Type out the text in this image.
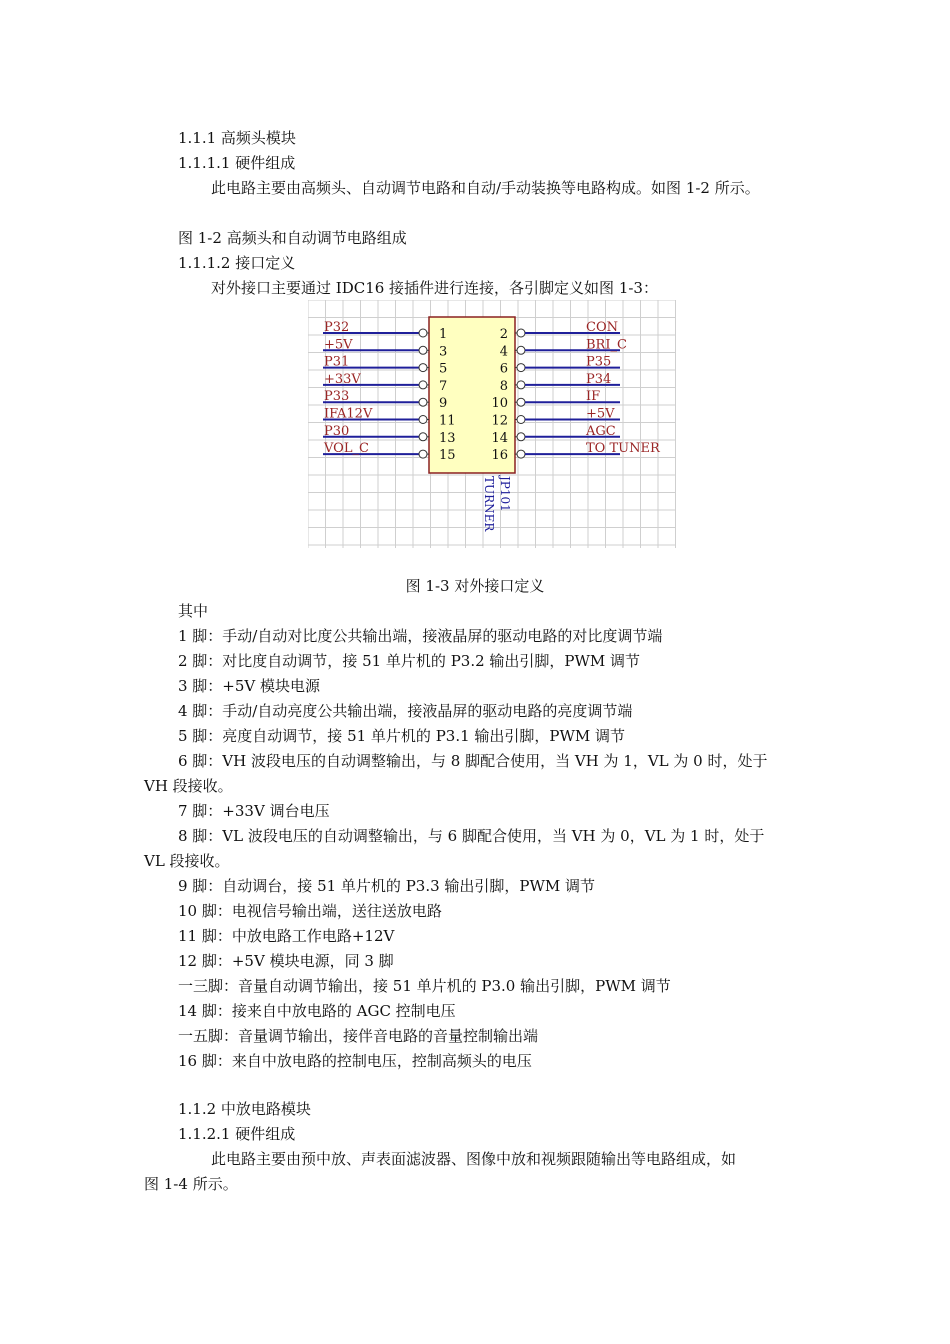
1.1.1 高频头模块
1.1.1.1 硬件组成
此电路主要由高频头、自动调节电路和自动/手动装换等电路构成。如图 1-2 所示。
图 1-2 高频头和自动调节电路组成
1.1.1.2 接口定义
对外接口主要通过 IDC16 接插件进行连接，各引脚定义如图 1-3：
P32	CON
1	2
+5V	BRI_C
3	4
P31	P35
5	6
+33V	P34
7	8
P33	IF
9	10
IFA12V	+5V
11	12
P30	AGC
13	14
VOL_C	TO TUNER
15	16
JP101
TURNER
图 1-3 对外接口定义
其中
1 脚：手动/自动对比度公共输出端，接液晶屏的驱动电路的对比度调节端
2 脚：对比度自动调节，接 51 单片机的 P3.2 输出引脚，PWM 调节
3 脚：+5V 模块电源
4 脚：手动/自动亮度公共输出端，接液晶屏的驱动电路的亮度调节端
5 脚：亮度自动调节，接 51 单片机的 P3.1 输出引脚，PWM 调节
6 脚：VH 波段电压的自动调整输出，与 8 脚配合使用，当 VH 为 1，VL 为 0 时，处于
VH 段接收。
7 脚：+33V 调台电压
8 脚：VL 波段电压的自动调整输出，与 6 脚配合使用，当 VH 为 0，VL 为 1 时，处于
VL 段接收。
9 脚：自动调台，接 51 单片机的 P3.3 输出引脚，PWM 调节
10 脚：电视信号输出端，送往送放电路
11 脚：中放电路工作电路+12V
12 脚：+5V 模块电源，同 3 脚
一三脚：音量自动调节输出，接 51 单片机的 P3.0 输出引脚，PWM 调节
14 脚：接来自中放电路的 AGC 控制电压
一五脚：音量调节输出，接伴音电路的音量控制输出端
16 脚：来自中放电路的控制电压，控制高频头的电压
1.1.2 中放电路模块
1.1.2.1 硬件组成
此电路主要由预中放、声表面滤波器、图像中放和视频跟随输出等电路组成，如
图 1-4 所示。
